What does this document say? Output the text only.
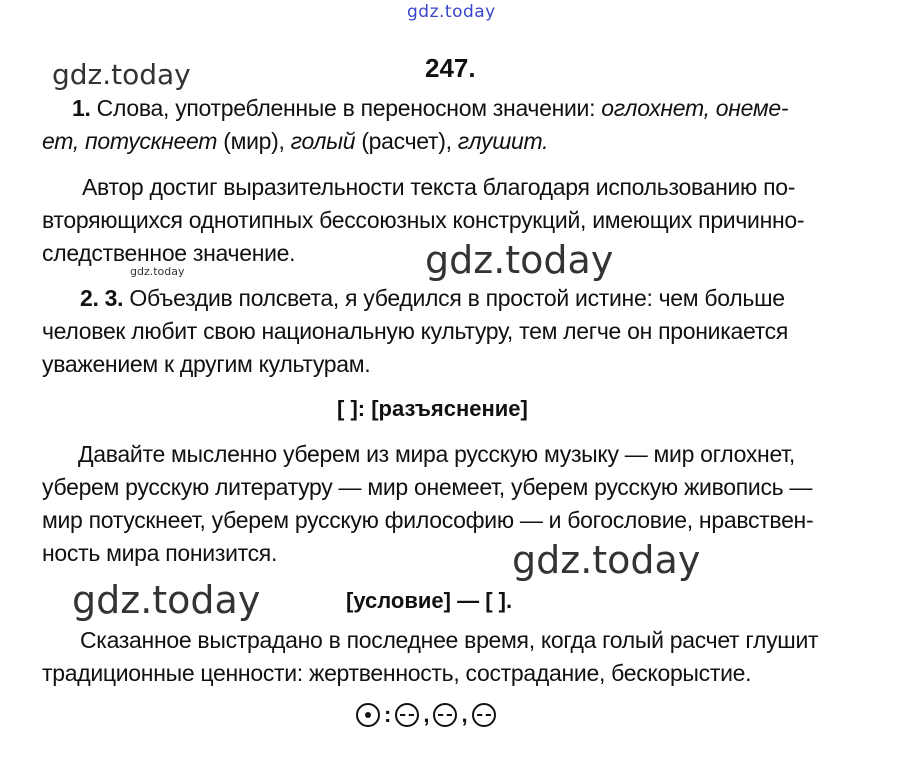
gdz.today
gdz.today
gdz.today
gdz.today
gdz.today
gdz.today
247.
1. Слова, употребленные в переносном значении: оглохнет, онеме-
ет, потускнеет (мир), голый (расчет), глушит.
Автор достиг выразительности текста благодаря использованию по-
вторяющихся однотипных бессоюзных конструкций, имеющих причинно-
следственное значение.
2. 3. Объездив полсвета, я убедился в простой истине: чем больше
человек любит свою национальную культуру, тем легче он проникается
уважением к другим культурам.
[ ]: [разъяснение]
Давайте мысленно уберем из мира русскую музыку — мир оглохнет,
уберем русскую литературу — мир онемеет, уберем русскую живопись —
мир потускнеет, уберем русскую философию — и богословие, нравствен-
ность мира понизится.
[условие] — [ ].
Сказанное выстрадано в последнее время, когда голый расчет глушит
традиционные ценности: жертвенность, сострадание, бескорыстие.
: , ,
